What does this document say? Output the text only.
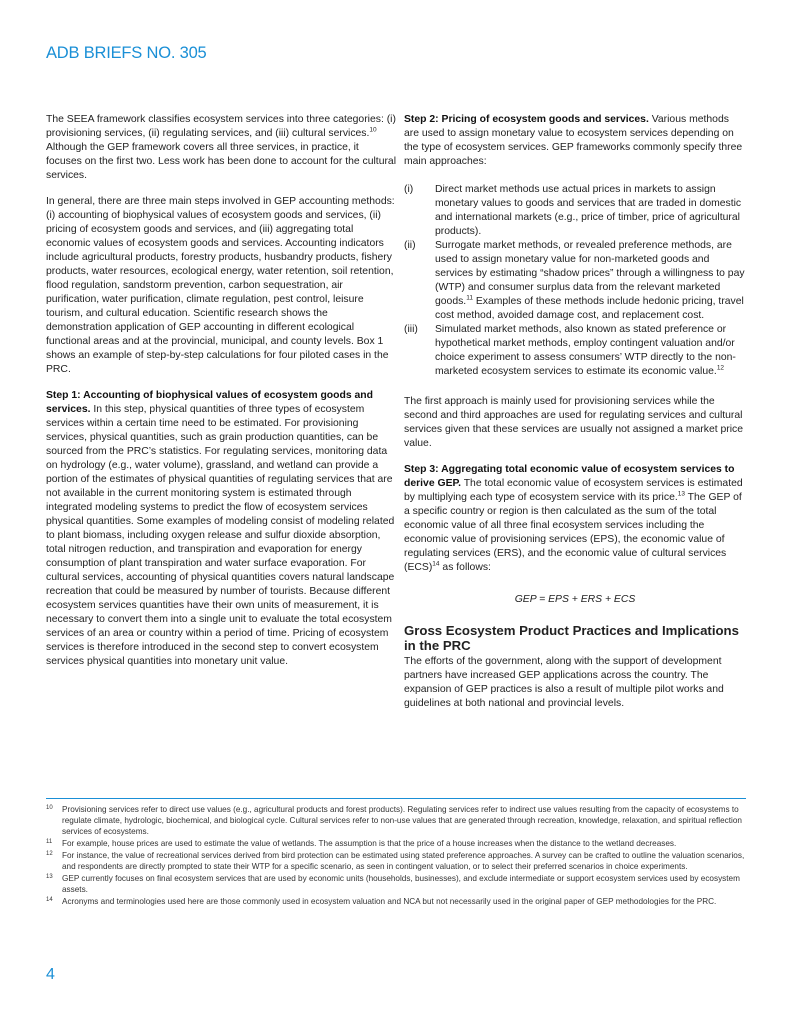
ADB BRIEFS NO. 305

The SEEA framework classifies ecosystem services into three categories: (i) provisioning services, (ii) regulating services, and (iii) cultural services.$^{10}$ Although the GEP framework covers all three services, in practice, it focuses on the first two. Less work has been done to account for the cultural services.

In general, there are three main steps involved in GEP accounting methods: (i) accounting of biophysical values of ecosystem goods and services, (ii) pricing of ecosystem goods and services, and (iii) aggregating total economic values of ecosystem goods and services. Accounting indicators include agricultural products, forestry products, husbandry products, fishery products, water resources, ecological energy, water retention, soil retention, flood regulation, sandstorm prevention, carbon sequestration, air purification, water purification, climate regulation, pest control, leisure tourism, and cultural education. Scientific research shows the demonstration application of GEP accounting in different ecological functional areas and at the provincial, municipal, and county levels. Box 1 shows an example of step-by-step calculations for four piloted cases in the PRC.

Step 1: Accounting of biophysical values of ecosystem goods and services. In this step, physical quantities of three types of ecosystem services within a certain time need to be estimated. For provisioning services, physical quantities, such as grain production quantities, can be sourced from the PRC’s statistics. For regulating services, monitoring data on hydrology (e.g., water volume), grassland, and wetland can provide a portion of the estimates of physical quantities of regulating services that are not available in the current monitoring system is estimated through integrated modeling systems to predict the flow of ecosystem services physical quantities. Some examples of modeling consist of modeling related to plant biomass, including oxygen release and sulfur dioxide absorption, total nitrogen reduction, and transpiration and evaporation for energy consumption of plant transpiration and water surface evaporation. For cultural services, accounting of physical quantities covers natural landscape recreation that could be measured by number of tourists. Because different ecosystem services quantities have their own units of measurement, it is necessary to convert them into a single unit to evaluate the total ecosystem services of an area or country within a period of time. Pricing of ecosystem services is therefore introduced in the second step to convert ecosystem services physical quantities into monetary unit value.

Step 2: Pricing of ecosystem goods and services. Various methods are used to assign monetary value to ecosystem services depending on the type of ecosystem services. GEP frameworks commonly specify three main approaches:

(i)	Direct market methods use actual prices in markets to assign monetary values to goods and services that are traded in domestic and international markets (e.g., price of timber, price of agricultural products).
(ii)	Surrogate market methods, or revealed preference methods, are used to assign monetary value for non-marketed goods and services by estimating “shadow prices” through a willingness to pay (WTP) and consumer surplus data from the relevant marketed goods.$^{11}$ Examples of these methods include hedonic pricing, travel cost method, avoided damage cost, and replacement cost.
(iii)	Simulated market methods, also known as stated preference or hypothetical market methods, employ contingent valuation and/or choice experiment to assess consumers’ WTP directly to the non-marketed ecosystem services to estimate its economic value.$^{12}$

The first approach is mainly used for provisioning services while the second and third approaches are used for regulating services and cultural services given that these services are usually not assigned a market price value.

Step 3: Aggregating total economic value of ecosystem services to derive GEP. The total economic value of ecosystem services is estimated by multiplying each type of ecosystem service with its price.$^{13}$ The GEP of a specific country or region is then calculated as the sum of the total economic value of all three final ecosystem services including the economic value of provisioning services (EPS), the economic value of regulating services (ERS), and the economic value of cultural services (ECS)$^{14}$ as follows:

GEP = EPS + ERS + ECS
Gross Ecosystem Product Practices and Implications in the PRC

The efforts of the government, along with the support of development partners have increased GEP applications across the country. The expansion of GEP practices is also a result of multiple pilot works and guidelines at both national and provincial levels.

10	Provisioning services refer to direct use values (e.g., agricultural products and forest products). Regulating services refer to indirect use values resulting from the capacity of ecosystems to regulate climate, hydrologic, biochemical, and biological cycle. Cultural services refer to non-use values that are generated through recreation, knowledge, relaxation, and spiritual reflection services of ecosystems.
11	For example, house prices are used to estimate the value of wetlands. The assumption is that the price of a house increases when the distance to the wetland decreases.
12	For instance, the value of recreational services derived from bird protection can be estimated using stated preference approaches. A survey can be crafted to outline the valuation scenarios, and respondents are directly prompted to state their WTP for a specific scenario, as seen in contingent valuation, or to select their preferred scenarios in choice experiments.
13	GEP currently focuses on final ecosystem services that are used by economic units (households, businesses), and exclude intermediate or support ecosystem services used by ecosystem assets.
14	Acronyms and terminologies used here are those commonly used in ecosystem valuation and NCA but not necessarily used in the original paper of GEP methodologies for the PRC.
4
